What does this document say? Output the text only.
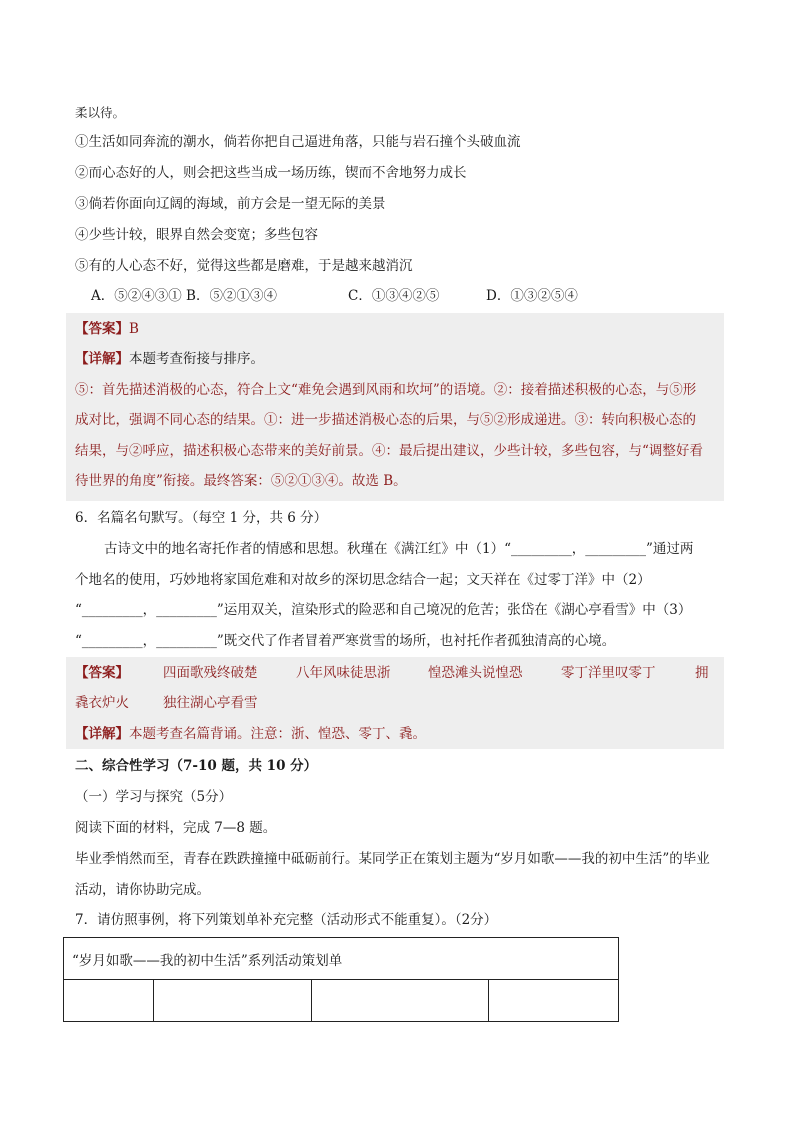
柔以待。
①生活如同奔流的潮水，倘若你把自己逼进角落，只能与岩石撞个头破血流
②而心态好的人，则会把这些当成一场历练，锲而不舍地努力成长
③倘若你面向辽阔的海域，前方会是一望无际的美景
④少些计较，眼界自然会变宽；多些包容
⑤有的人心态不好，觉得这些都是磨难，于是越来越消沉
A．⑤②④③① B．⑤②①③④	C．①③④②⑤	D．①③②⑤④
【答案】B
【详解】本题考查衔接与排序。
⑤：首先描述消极的心态，符合上文“难免会遇到风雨和坎坷”的语境。②：接着描述积极的心态，与⑤形
成对比，强调不同心态的结果。①：进一步描述消极心态的后果，与⑤②形成递进。③：转向积极心态的
结果，与②呼应，描述积极心态带来的美好前景。④：最后提出建议，少些计较，多些包容，与“调整好看
待世界的角度”衔接。最终答案：⑤②①③④。故选 B。
6．名篇名句默写。（每空 1 分，共 6 分）
古诗文中的地名寄托作者的情感和思想。秋瑾在《满江红》中（1）“_________，_________”通过两
个地名的使用，巧妙地将家国危难和对故乡的深切思念结合一起；文天祥在《过零丁洋》中（2）
“_________，_________”运用双关，渲染形式的险恶和自己境况的危苦；张岱在《湖心亭看雪》中（3）
“_________，_________”既交代了作者冒着严寒赏雪的场所，也衬托作者孤独清高的心境。
【答案】	四面歌残终破楚	八年风味徒思浙	惶恐滩头说惶恐	零丁洋里叹零丁	拥
毳衣炉火	独往湖心亭看雪
【详解】本题考查名篇背诵。注意：浙、惶恐、零丁、毳。
二、综合性学习（7-10 题，共 10 分）
（一）学习与探究（5分）
阅读下面的材料，完成 7—8 题。
毕业季悄然而至，青春在跌跌撞撞中砥砺前行。某同学正在策划主题为“岁月如歌——我的初中生活”的毕业
活动，请你协助完成。
7．请仿照事例，将下列策划单补充完整（活动形式不能重复）。（2分）
“岁月如歌——我的初中生活”系列活动策划单
